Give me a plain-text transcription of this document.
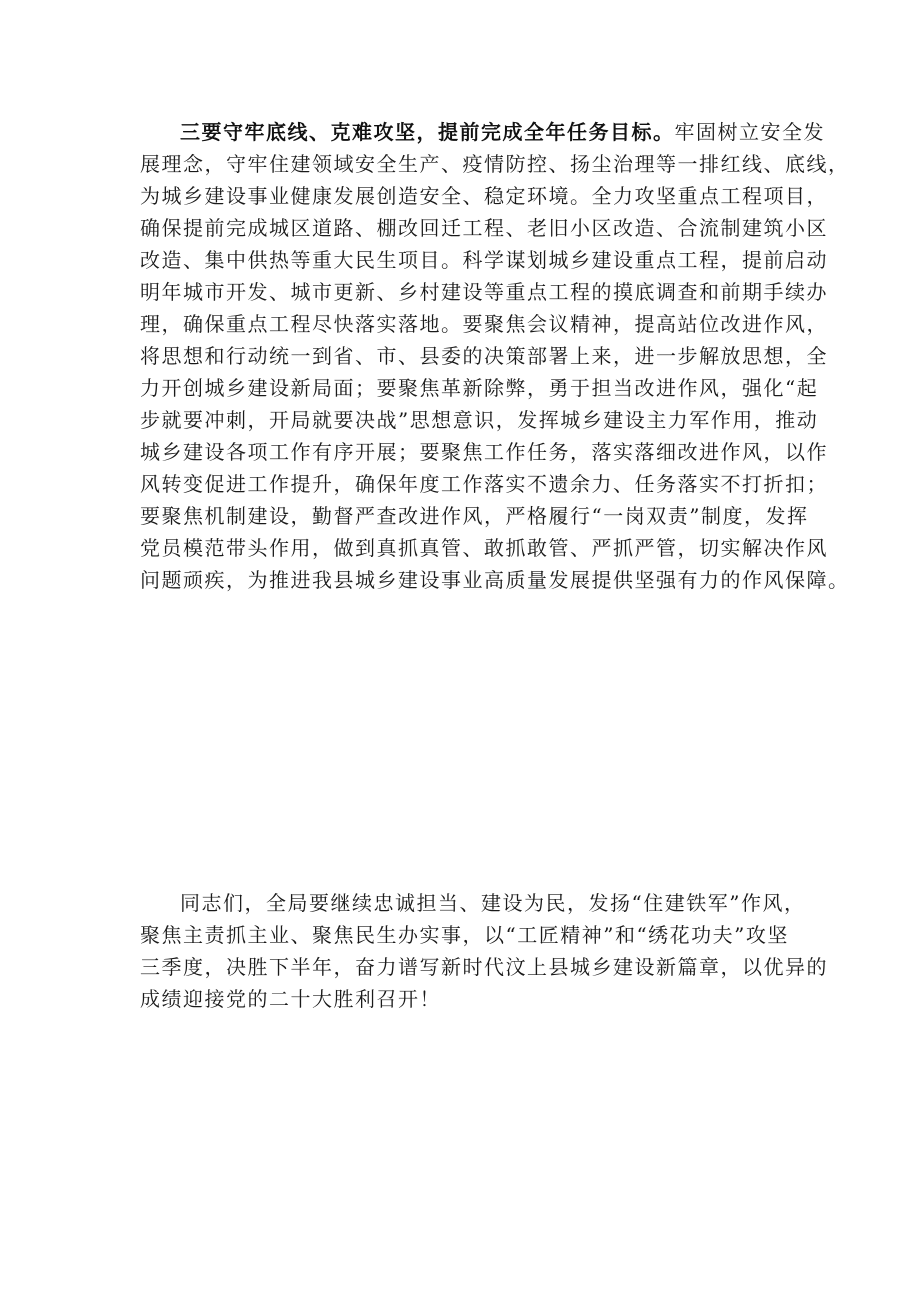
三要守牢底线、克难攻坚，提前完成全年任务目标。牢固树立安全发
展理念，守牢住建领域安全生产、疫情防控、扬尘治理等一排红线、底线，
为城乡建设事业健康发展创造安全、稳定环境。全力攻坚重点工程项目，
确保提前完成城区道路、棚改回迁工程、老旧小区改造、合流制建筑小区
改造、集中供热等重大民生项目。科学谋划城乡建设重点工程，提前启动
明年城市开发、城市更新、乡村建设等重点工程的摸底调查和前期手续办
理，确保重点工程尽快落实落地。要聚焦会议精神，提高站位改进作风，
将思想和行动统一到省、市、县委的决策部署上来，进一步解放思想，全
力开创城乡建设新局面；要聚焦革新除弊，勇于担当改进作风，强化“起
步就要冲刺，开局就要决战”思想意识，发挥城乡建设主力军作用，推动
城乡建设各项工作有序开展；要聚焦工作任务，落实落细改进作风，以作
风转变促进工作提升，确保年度工作落实不遗余力、任务落实不打折扣；
要聚焦机制建设，勤督严查改进作风，严格履行“一岗双责”制度，发挥
党员模范带头作用，做到真抓真管、敢抓敢管、严抓严管，切实解决作风
问题顽疾，为推进我县城乡建设事业高质量发展提供坚强有力的作风保障。
同志们，全局要继续忠诚担当、建设为民，发扬“住建铁军”作风，
聚焦主责抓主业、聚焦民生办实事，以“工匠精神”和“绣花功夫”攻坚
三季度，决胜下半年，奋力谱写新时代汶上县城乡建设新篇章，以优异的
成绩迎接党的二十大胜利召开！
